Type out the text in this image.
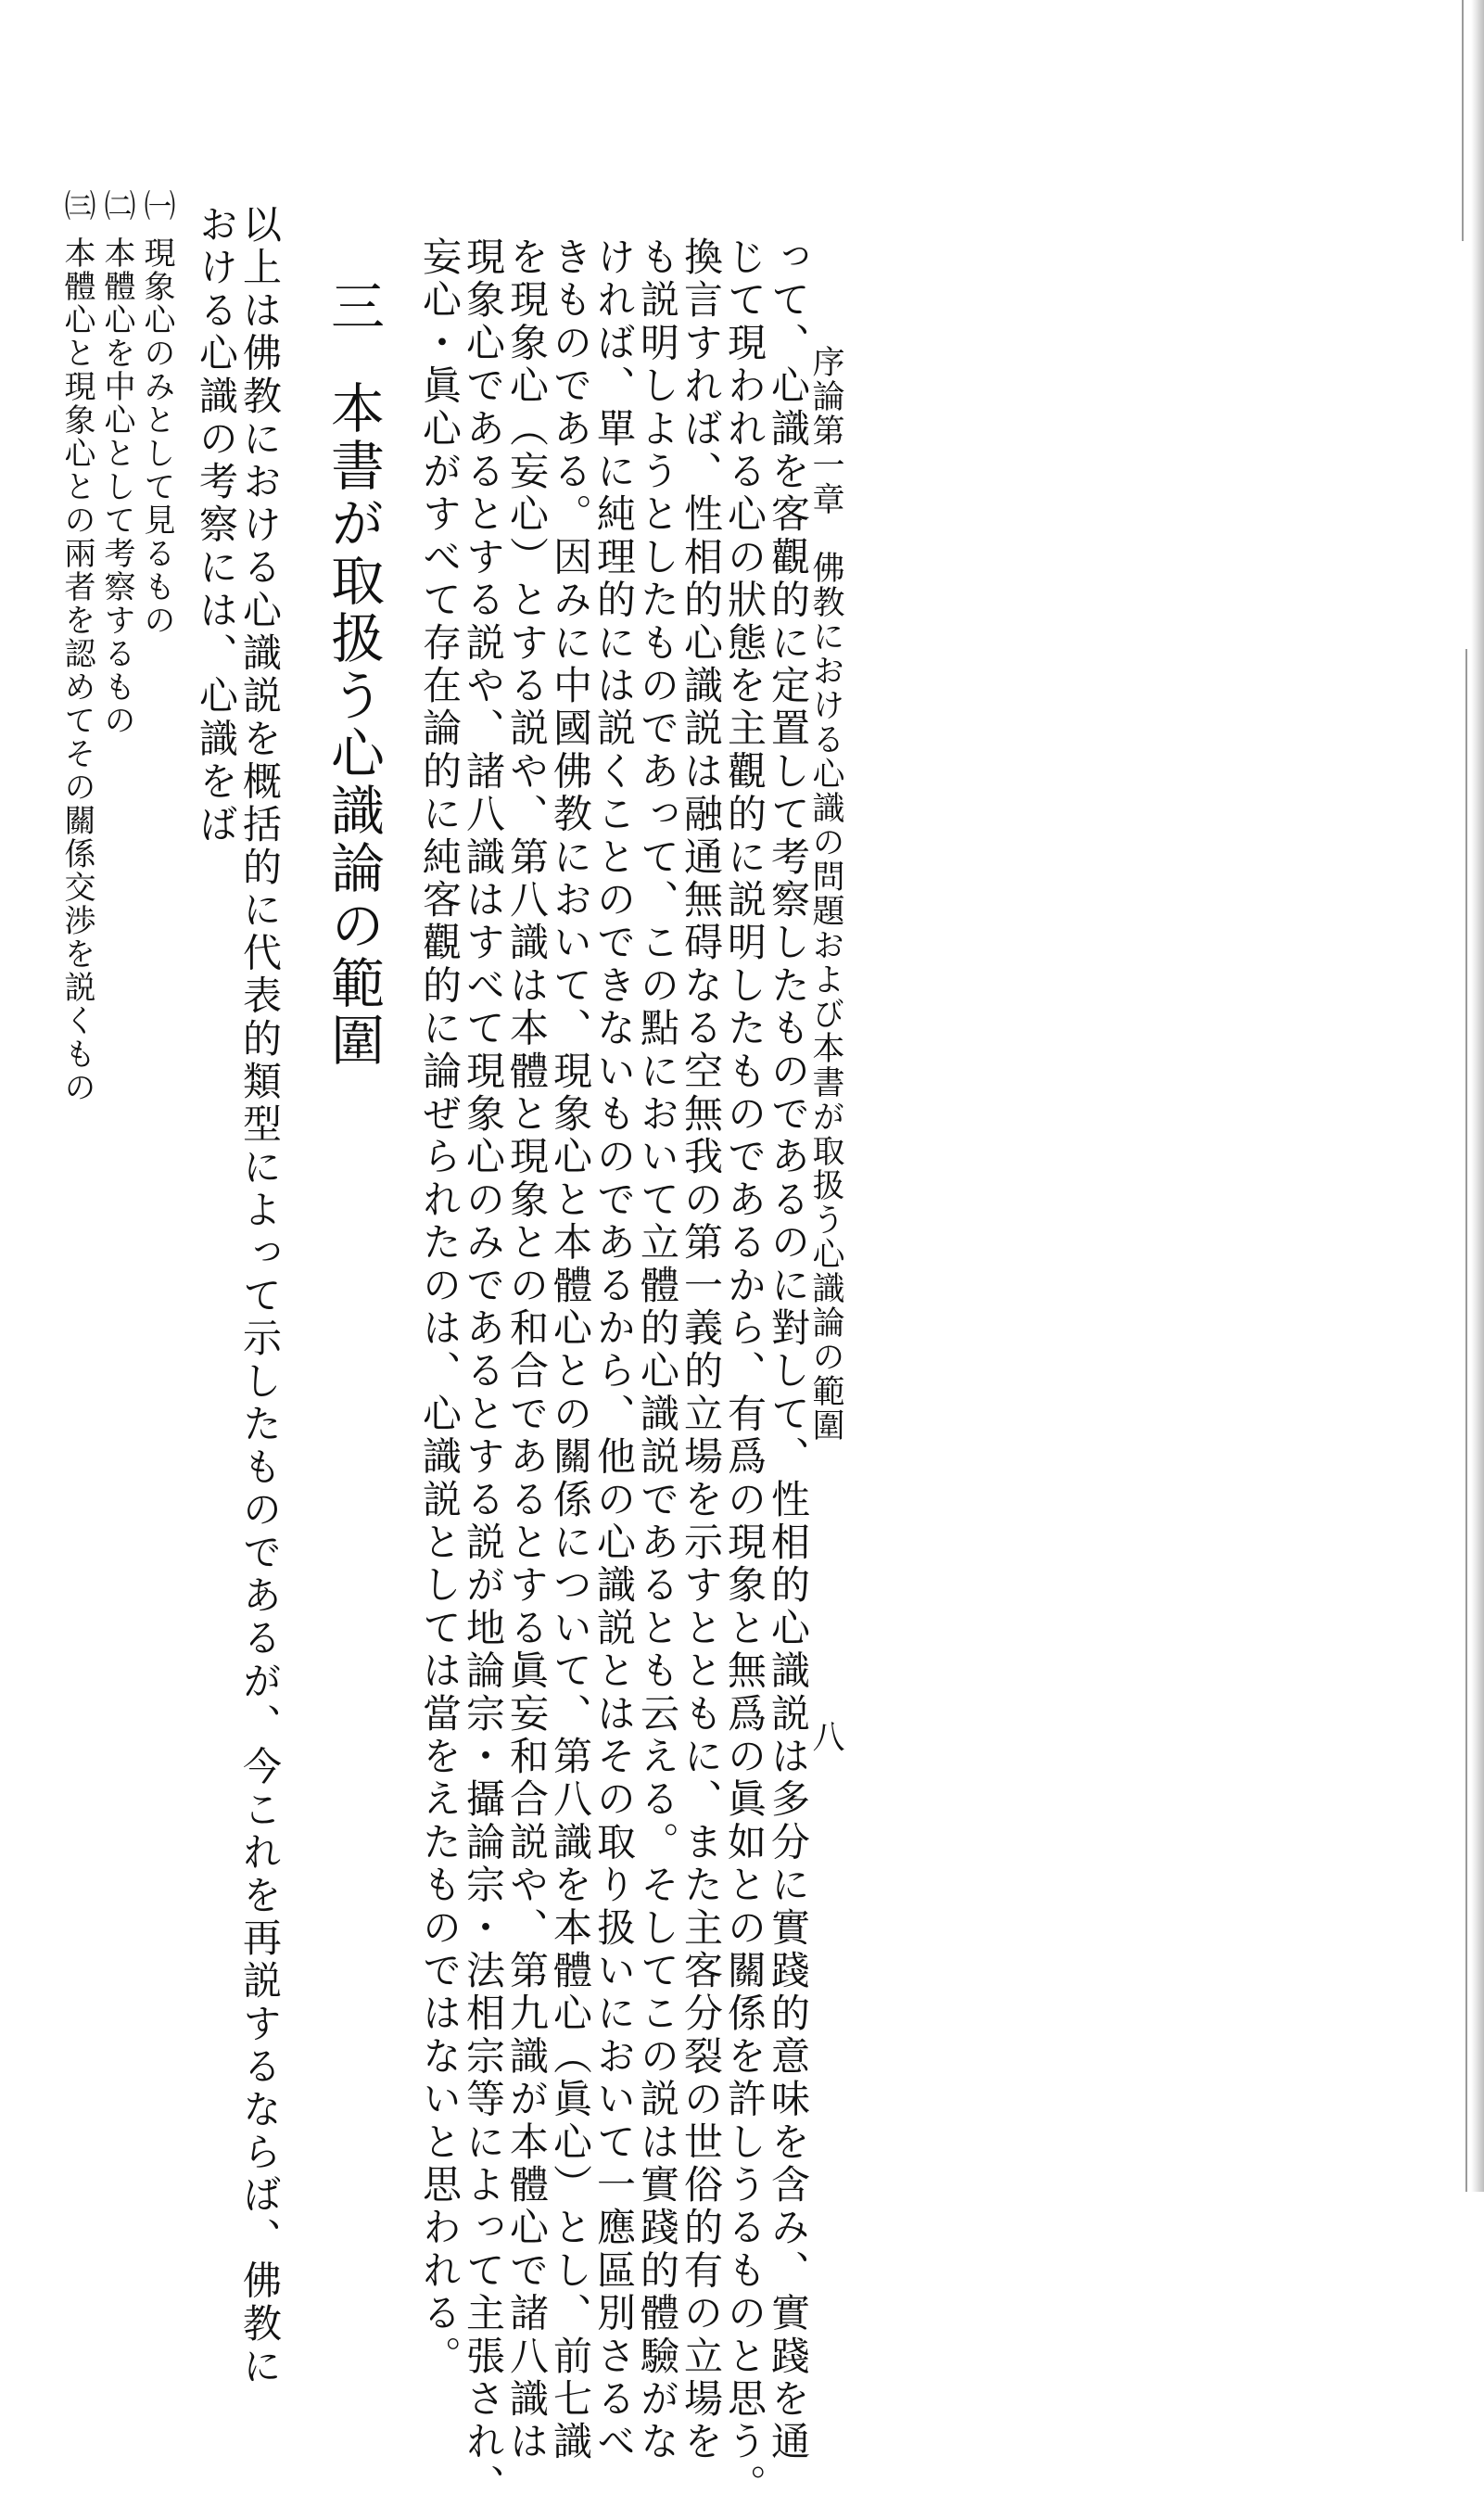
序論第一章　佛教における心識の問題および本書が取扱う心識論の範圍
八
って、心識を客觀的に定置して考察したものであるのに對して、性相的心識説は多分に實踐的意味を含み、實踐を通
じて現われる心の狀態を主觀的に説明したものであるから、有爲の現象と無爲の眞如との關係を許しうるものと思う。
換言すれば、性相的心識説は融通無碍なる空無我の第一義的立場を示すとともに、また主客分裂の世俗的有の立場を
も説明しようとしたものであって、この點において立體的心識説であるとも云える。そしてこの説は實踐的體驗がな
ければ、單に純理的には説くことのできないものであるから、他の心識説とはその取り扱いにおいて一應區別さるべ
きものである。因みに中國佛教において、現象心と本體心との關係について、第八識を本體心（眞心）とし、前七識
を現象心（妄心）とする説や、第八識は本體と現象との和合であるとする眞妄和合説や、第九識が本體心で諸八識は
現象心であるとする説や、諸八識はすべて現象心のみであるとする説が地論宗・攝論宗・法相宗等によって主張され、
妄心・眞心がすべて存在論的に純客觀的に論ぜられたのは、心識説としては當をえたものではないと思われる。
三
本書が取扱う心識論の範圍
以上は佛教における心識説を概括的に代表的類型によって示したものであるが、今これを再説するならば、佛教に
おける心識の考察には、心識をば
㈠
現象心のみとして見るもの
㈡
本體心を中心として考察するもの
㈢
本體心と現象心との兩者を認めてその關係交渉を説くもの
